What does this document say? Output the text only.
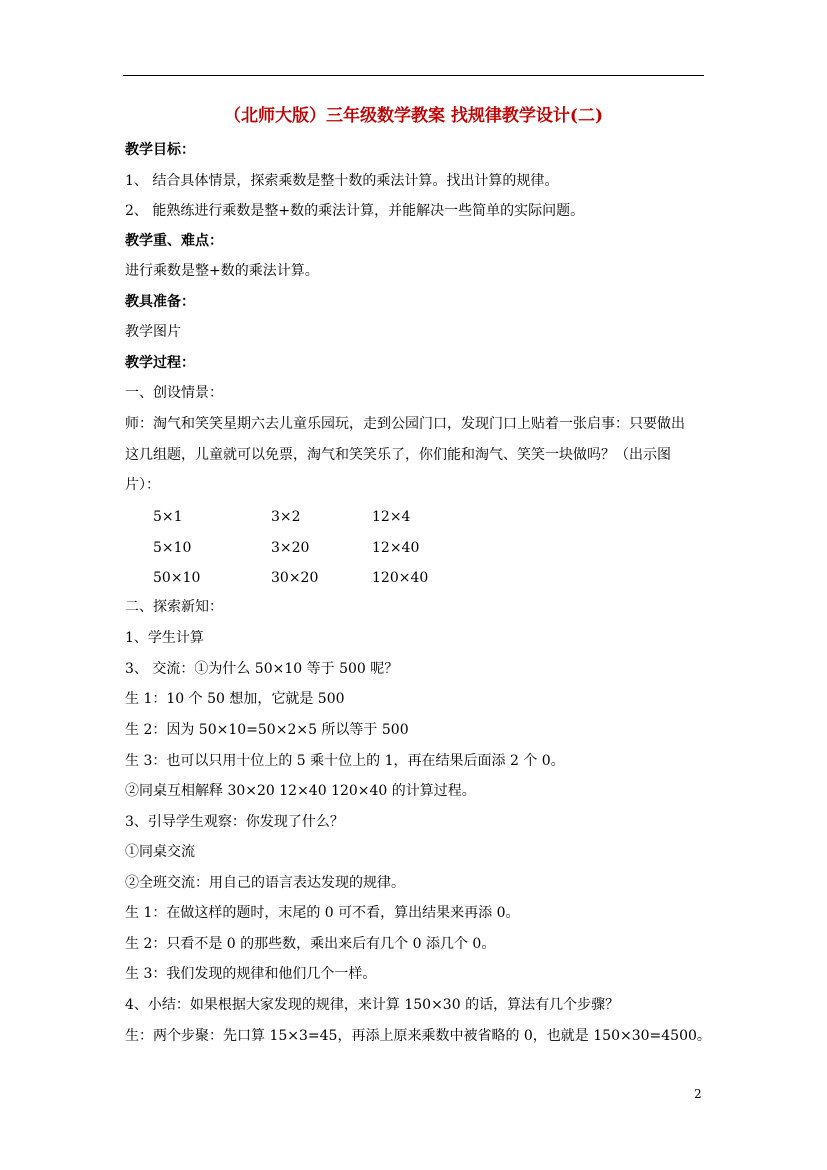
（北师大版）三年级数学教案 找规律教学设计(二)
教学目标：
1、 结合具体情景，探索乘数是整十数的乘法计算。找出计算的规律。
2、 能熟练进行乘数是整+数的乘法计算，并能解决一些简单的实际问题。
教学重、难点：
进行乘数是整+数的乘法计算。
教具准备：
教学图片
教学过程：
一、创设情景：
师：淘气和笑笑星期六去儿童乐园玩，走到公园门口，发现门口上贴着一张启事：只要做出
这几组题，儿童就可以免票，淘气和笑笑乐了，你们能和淘气、笑笑一块做吗？（出示图
片）：
5×1	3×2	12×4
5×10	3×20	12×40
50×10	30×20	120×40
二、探索新知：
1、学生计算
3、 交流：①为什么 50×10 等于 500 呢？
生 1：10 个 50 想加，它就是 500
生 2：因为 50×10=50×2×5 所以等于 500
生 3：也可以只用十位上的 5 乘十位上的 1，再在结果后面添 2 个 0。
②同桌互相解释 30×20 12×40 120×40 的计算过程。
3、引导学生观察：你发现了什么？
①同桌交流
②全班交流：用自己的语言表达发现的规律。
生 1：在做这样的题时，末尾的 0 可不看，算出结果来再添 0。
生 2：只看不是 0 的那些数，乘出来后有几个 0 添几个 0。
生 3：我们发现的规律和他们几个一样。
4、小结：如果根据大家发现的规律，来计算 150×30 的话，算法有几个步骤？
生：两个步聚：先口算 15×3=45，再添上原来乘数中被省略的 0，也就是 150×30=4500。
2
